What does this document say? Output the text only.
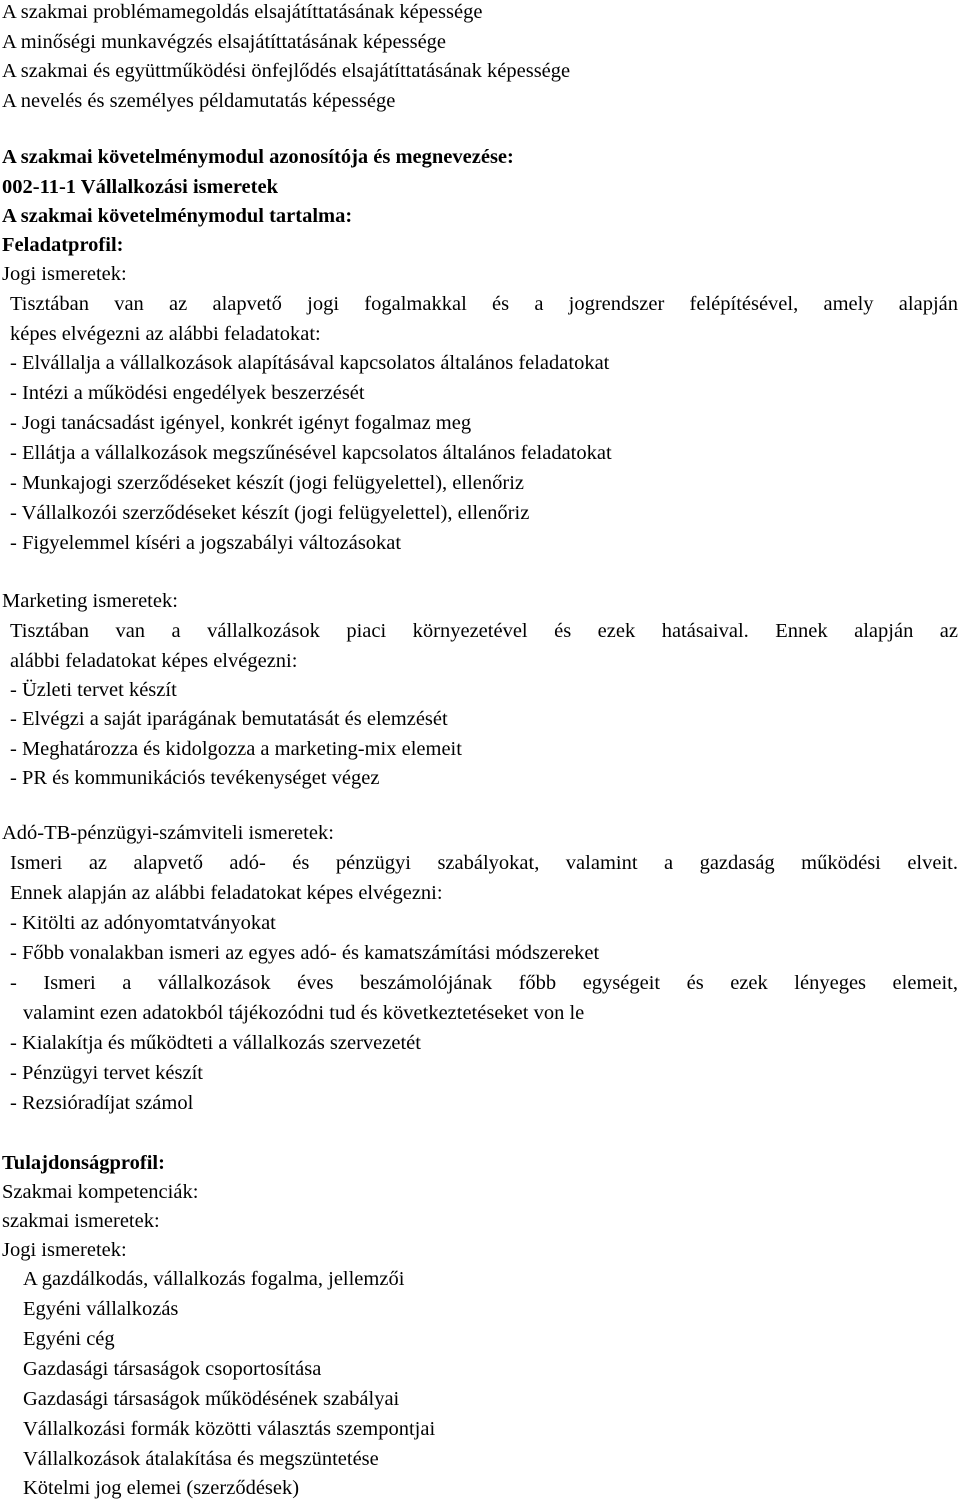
A szakmai problémamegoldás elsajátíttatásának képessége
A minőségi munkavégzés elsajátíttatásának képessége
A szakmai és együttműködési önfejlődés elsajátíttatásának képessége
A nevelés és személyes példamutatás képessége
A szakmai követelménymodul azonosítója és megnevezése:
002-11-1 Vállalkozási ismeretek
A szakmai követelménymodul tartalma:
Feladatprofil:
Jogi ismeretek:
Tisztában van az alapvető jogi fogalmakkal és a jogrendszer felépítésével, amely alapján
képes elvégezni az alábbi feladatokat:
- Elvállalja a vállalkozások alapításával kapcsolatos általános feladatokat
- Intézi a működési engedélyek beszerzését
- Jogi tanácsadást igényel, konkrét igényt fogalmaz meg
- Ellátja a vállalkozások megszűnésével kapcsolatos általános feladatokat
- Munkajogi szerződéseket készít (jogi felügyelettel), ellenőriz
- Vállalkozói szerződéseket készít (jogi felügyelettel), ellenőriz
- Figyelemmel kíséri a jogszabályi változásokat
Marketing ismeretek:
Tisztában van a vállalkozások piaci környezetével és ezek hatásaival. Ennek alapján az
alábbi feladatokat képes elvégezni:
- Üzleti tervet készít
- Elvégzi a saját iparágának bemutatását és elemzését
- Meghatározza és kidolgozza a marketing-mix elemeit
- PR és kommunikációs tevékenységet végez
Adó-TB-pénzügyi-számviteli ismeretek:
Ismeri az alapvető adó- és pénzügyi szabályokat, valamint a gazdaság működési elveit.
Ennek alapján az alábbi feladatokat képes elvégezni:
- Kitölti az adónyomtatványokat
- Főbb vonalakban ismeri az egyes adó- és kamatszámítási módszereket
- Ismeri a vállalkozások éves beszámolójának főbb egységeit és ezek lényeges elemeit,
valamint ezen adatokból tájékozódni tud és következtetéseket von le
- Kialakítja és működteti a vállalkozás szervezetét
- Pénzügyi tervet készít
- Rezsióradíjat számol
Tulajdonságprofil:
Szakmai kompetenciák:
szakmai ismeretek:
Jogi ismeretek:
A gazdálkodás, vállalkozás fogalma, jellemzői
Egyéni vállalkozás
Egyéni cég
Gazdasági társaságok csoportosítása
Gazdasági társaságok működésének szabályai
Vállalkozási formák közötti választás szempontjai
Vállalkozások átalakítása és megszüntetése
Kötelmi jog elemei (szerződések)
